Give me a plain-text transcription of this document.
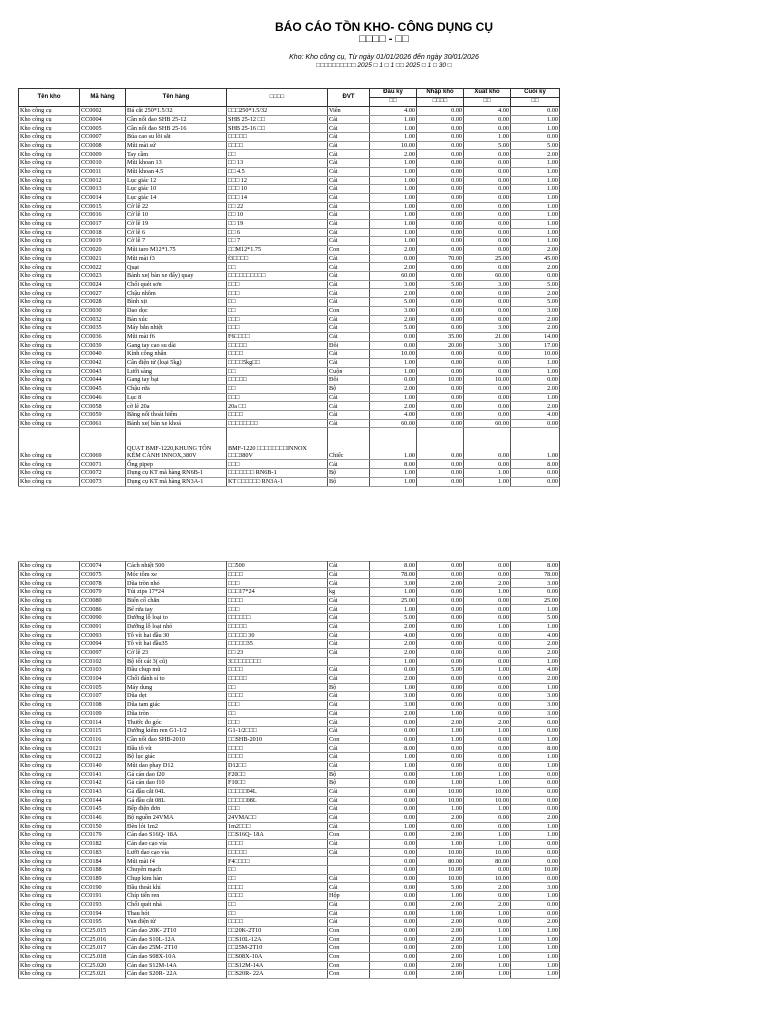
BÁO CÁO TỒN KHO- CÔNG DỤNG CỤ
□□□□ - □□
Kho: Kho công cụ, Từ ngày 01/01/2026 đến ngày 30/01/2026
□□□□□□□□□□ 2025 □ 1 □ 1 □□ 2025 □ 1 □ 30 □
Tên kho	Mã hàng	Tên hàng	□□□□	ĐVT	Đầu kỳ	Nhập kho	Xuất kho	Cuối kỳ
					□□	□□□□	□□	□□
Kho công cụ	CC0002	Đá cắt 250*1.5/32	□□□250*1.5/32	Viên	4.00	0.00	4.00	0.00
Kho công cụ	CC0004	Cần nối đao SHB 25-12	SHB 25-12 □□	Cái	1.00	0.00	0.00	1.00
Kho công cụ	CC0005	Cần nối đao SHB 25-16	SHB 25-16 □□	Cái	1.00	0.00	0.00	1.00
Kho công cụ	CC0007	Búa cao su lõi sắt	□□□□□	Cái	1.00	0.00	1.00	0.00
Kho công cụ	CC0008	Mũi mài sứ	□□□□	Cái	10.00	0.00	5.00	5.00
Kho công cụ	CC0009	Tay cầm	□□	Cái	2.00	0.00	0.00	2.00
Kho công cụ	CC0010	Mũi khoan 13	□□ 13	Cái	1.00	0.00	0.00	1.00
Kho công cụ	CC0011	Mũi khoan 4.5	□□ 4.5	Cái	1.00	0.00	0.00	1.00
Kho công cụ	CC0012	Lục giác 12	□□□ 12	Cái	1.00	0.00	0.00	1.00
Kho công cụ	CC0013	Lục giác 10	□□□ 10	Cái	1.00	0.00	0.00	1.00
Kho công cụ	CC0014	Lục giác 14	□□□ 14	Cái	1.00	0.00	0.00	1.00
Kho công cụ	CC0015	Cờ lê 22	□□ 22	Cái	1.00	0.00	0.00	1.00
Kho công cụ	CC0016	Cờ lê 10	□□ 10	Cái	1.00	0.00	0.00	1.00
Kho công cụ	CC0017	Cờ lê 19	□□ 19	Cái	1.00	0.00	0.00	1.00
Kho công cụ	CC0018	Cờ lê 6	□□ 6	Cái	1.00	0.00	0.00	1.00
Kho công cụ	CC0019	Cờ lê 7	□□ 7	Cái	1.00	0.00	0.00	1.00
Kho công cụ	CC0020	Mũi taro M12*1.75	□□M12*1.75	Con	2.00	0.00	0.00	2.00
Kho công cụ	CC0021	Mũi mài f3	f3□□□□	Cái	0.00	70.00	25.00	45.00
Kho công cụ	CC0022	Quạt	□□	Cái	2.00	0.00	0.00	2.00
Kho công cụ	CC0023	Bánh xe( bàn xe đẩy) quay	□□□□□□□□□□	Cái	60.00	0.00	60.00	0.00
Kho công cụ	CC0024	Chổi quét sơn	□□□	Cái	3.00	5.00	3.00	5.00
Kho công cụ	CC0027	Chậu nhôm	□□□	Cái	2.00	0.00	0.00	2.00
Kho công cụ	CC0028	Bình xịt	□□	Cái	5.00	0.00	0.00	5.00
Kho công cụ	CC0030	Dao dọc	□□	Con	3.00	0.00	0.00	3.00
Kho công cụ	CC0032	Bàn xúc	□□□	Cái	2.00	0.00	0.00	2.00
Kho công cụ	CC0035	Máy bắn nhiệt	□□□	Cái	5.00	0.00	3.00	2.00
Kho công cụ	CC0036	Mũi mài f6	F6□□□□	Cái	0.00	35.00	21.00	14.00
Kho công cụ	CC0039	Gang tay cao su dài	□□□□□	Đôi	0.00	20.00	3.00	17.00
Kho công cụ	CC0040	Kính công nhân	□□□□	Cái	10.00	0.00	0.00	10.00
Kho công cụ	CC0042	Cân điện tử (loại 5kg)	□□□□5kg□□	Cái	1.00	0.00	0.00	1.00
Kho công cụ	CC0043	Lưới sàng	□□	Cuộn	1.00	0.00	0.00	1.00
Kho công cụ	CC0044	Gang tay bạt	□□□□□	Đôi	0.00	10.00	10.00	0.00
Kho công cụ	CC0045	Chậu rửa	□□	Bộ	2.00	0.00	0.00	2.00
Kho công cụ	CC0046	Lục 8	□□□	Cái	1.00	0.00	0.00	1.00
Kho công cụ	CC0058	cờ lê 20a	20a □□	Cái	2.00	0.00	0.00	2.00
Kho công cụ	CC0059	Băng nối thoát hiểm	□□□□	Cái	4.00	0.00	0.00	4.00
Kho công cụ	CC0061	Bánh xe( bàn xe khoá	□□□□□□□□	Cái	60.00	0.00	60.00	0.00
Kho công cụ	CC0069	QUẠT BMF-1220,KHUNG TÔN KẼM CÁNH INNOX,380V	BMF-1220 □□□□□□□□INNOX □□□380V	Chiếc	1.00	0.00	0.00	1.00
Kho công cụ	CC0071	Ống pipep	□□□	Cái	8.00	0.00	0.00	8.00
Kho công cụ	CC0072	Dụng cụ KT mã hàng RN6B-1	□□□□□□□ RN6B-1	Bộ	1.00	0.00	1.00	0.00
Kho công cụ	CC0073	Dụng cụ KT mã hàng RN3A-1	KT □□□□□□ RN3A-1	Bộ	1.00	0.00	1.00	0.00
Kho công cụ	CC0074	Cách nhiệt 500	□□500	Cái	8.00	0.00	0.00	8.00
Kho công cụ	CC0075	Móc tôm xe	□□□□	Cái	78.00	0.00	0.00	78.00
Kho công cụ	CC0078	Dũa tròn nhỏ	□□□	Cái	3.00	2.00	2.00	3.00
Kho công cụ	CC0079	Túi zips 17*24	□□□17*24	kg	1.00	0.00	1.00	0.00
Kho công cụ	CC0080	Biển cổ chắn	□□□□	Cái	25.00	0.00	0.00	25.00
Kho công cụ	CC0086	Bể rửa tay	□□□	Cái	1.00	0.00	0.00	1.00
Kho công cụ	CC0090	Dưỡng lỗ loại to	□□□□□□	Cái	5.00	0.00	0.00	5.00
Kho công cụ	CC0091	Dưỡng lỗ loại nhỏ	□□□□□	Cái	2.00	0.00	1.00	1.00
Kho công cụ	CC0093	Tô vít hai đầu 30	□□□□□ 30	Cái	4.00	0.00	0.00	4.00
Kho công cụ	CC0094	Tô vít hai đầu35	□□□□□35	Cái	2.00	0.00	0.00	2.00
Kho công cụ	CC0097	Cờ lê 23	□□ 23	Cái	2.00	0.00	0.00	2.00
Kho công cụ	CC0102	Bộ tốt cát 3( cũ)	3□□□□□□□□		1.00	0.00	0.00	1.00
Kho công cụ	CC0103	Đầu chụp mũ	□□□□	Cái	0.00	5.00	1.00	4.00
Kho công cụ	CC0104	Chổi đánh sỉ to	□□□□□	Cái	2.00	0.00	0.00	2.00
Kho công cụ	CC0105	Máy dung	□□	Bộ	1.00	0.00	0.00	1.00
Kho công cụ	CC0107	Dũa dẹt	□□□□	Cái	3.00	0.00	0.00	3.00
Kho công cụ	CC0108	Dũa tam giác	□□□	Cái	3.00	0.00	0.00	3.00
Kho công cụ	CC0109	Dũa tròn	□□	Cái	2.00	1.00	0.00	3.00
Kho công cụ	CC0114	Thước đo góc	□□□	Cái	0.00	2.00	2.00	0.00
Kho công cụ	CC0115	Dưỡng kiểm ren G1-1/2	G1-1/2□□□	Cái	0.00	1.00	1.00	0.00
Kho công cụ	CC0116	Cần nối đao SHB-2010	□□SHB-2010	Con	0.00	1.00	0.00	1.00
Kho công cụ	CC0121	Đầu tô vít	□□□□	Cái	8.00	0.00	0.00	8.00
Kho công cụ	CC0122	Bộ lục giác	□□□□	Cái	1.00	0.00	0.00	1.00
Kho công cụ	CC0140	Mũi dao phay D12	D12□□	Cái	1.00	0.00	0.00	1.00
Kho công cụ	CC0141	Gá cán dao f20	F20□□	Bộ	0.00	1.00	1.00	0.00
Kho công cụ	CC0142	Gá cán dao f10	F10□□	Bộ	0.00	1.00	1.00	0.00
Kho công cụ	CC0143	Gá đầu cắt 04L	□□□□□04L	Cái	0.00	10.00	10.00	0.00
Kho công cụ	CC0144	Gá đầu cắt 08L	□□□□□08L	Cái	0.00	10.00	10.00	0.00
Kho công cụ	CC0145	Bếp điện đơn	□□□	Cái	0.00	1.00	1.00	0.00
Kho công cụ	CC0146	Bộ nguồn 24VMA	24VMA□□	Cái	0.00	2.00	0.00	2.00
Kho công cụ	CC0150	Đèn lót 1m2	1m2□□□	Cái	1.00	0.00	0.00	1.00
Kho công cụ	CC0179	Cán dao S16Q- 18A	□□S16Q- 18A	Con	0.00	2.00	1.00	1.00
Kho công cụ	CC0182	Cán dao cạo vỉa	□□□□	Cái	0.00	1.00	1.00	0.00
Kho công cụ	CC0183	Lưỡi dao cạo vỉa	□□□□□	Cái	0.00	10.00	10.00	0.00
Kho công cụ	CC0184	Mũi mài f4	F4□□□□		0.00	80.00	80.00	0.00
Kho công cụ	CC0188	Chuyển mạch	□□		0.00	10.00	0.00	10.00
Kho công cụ	CC0189	Chụp kim hàn	□□	Cái	0.00	10.00	10.00	0.00
Kho công cụ	CC0190	Đầu thoát khí	□□□□	Cái	0.00	5.00	2.00	3.00
Kho công cụ	CC0191	Chíp tiến ren	□□□□	Hộp	0.00	1.00	0.00	1.00
Kho công cụ	CC0193	Chổi quét nhà	□□	Cái	0.00	2.00	2.00	0.00
Kho công cụ	CC0194	Thau hót	□□	Cái	0.00	1.00	1.00	0.00
Kho công cụ	CC0195	Van điện từ	□□□□	Cái	0.00	2.00	0.00	2.00
Kho công cụ	CC25.015	Cán dao 20K- 2T10	□□20K-2T10	Con	0.00	2.00	1.00	1.00
Kho công cụ	CC25.016	Cán dao S10L-12A	□□S10L-12A	Con	0.00	2.00	1.00	1.00
Kho công cụ	CC25.017	Cán dao 25M- 2T10	□□25M-2T10	Con	0.00	2.00	1.00	1.00
Kho công cụ	CC25.018	Cán dao S08X-10A	□□S08X-10A	Con	0.00	2.00	1.00	1.00
Kho công cụ	CC25.020	Cán dao S12M-14A	□□S12M-14A	Con	0.00	2.00	1.00	1.00
Kho công cụ	CC25.021	Cán dao S20R- 22A	□□S20R- 22A	Con	0.00	2.00	1.00	1.00
